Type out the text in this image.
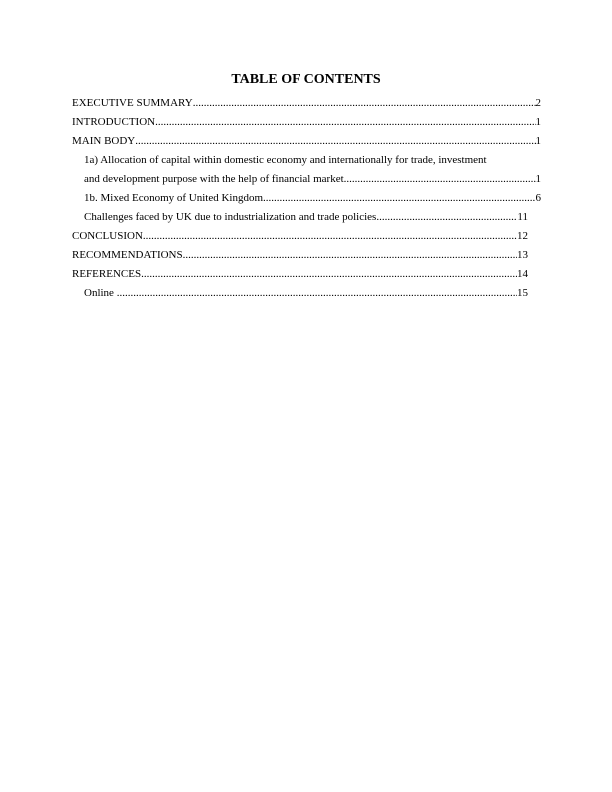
TABLE OF CONTENTS
EXECUTIVE SUMMARY .....	2
INTRODUCTION .....	1
MAIN BODY .....	1
1a) Allocation of capital within domestic economy and internationally for trade, investment
and development purpose with the help of financial market .....	1
1b. Mixed Economy of United Kingdom .....	6
Challenges faced by UK due to industrialization and trade policies .....	11
CONCLUSION .....	12
RECOMMENDATIONS .....	13
REFERENCES .....	14
Online .....	15
